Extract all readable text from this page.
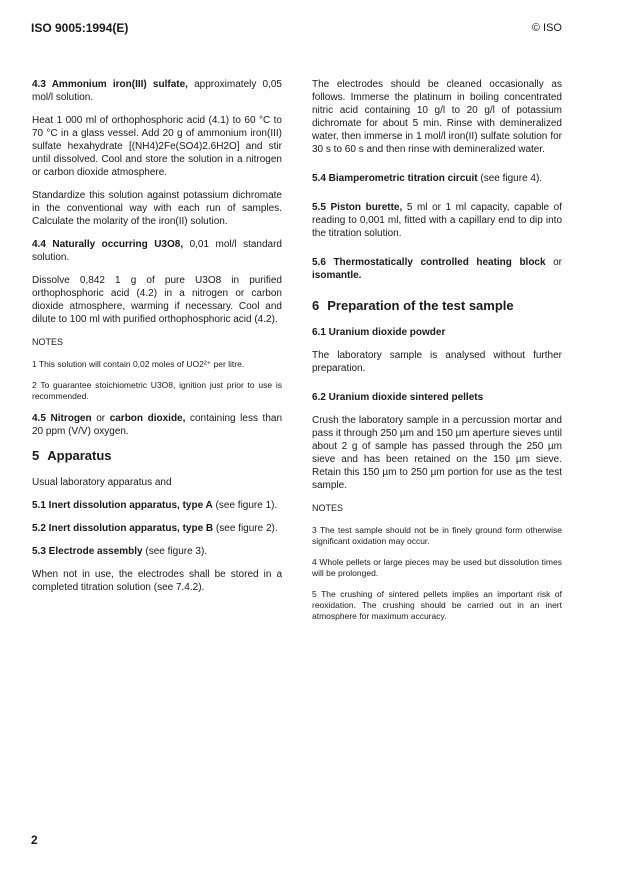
ISO 9005:1994(E)	© ISO

4.3 Ammonium iron(III) sulfate, approximately 0,05 mol/l solution.

Heat 1 000 ml of orthophosphoric acid (4.1) to 60 °C to 70 °C in a glass vessel. Add 20 g of ammonium iron(III) sulfate hexahydrate [(NH4)2Fe(SO4)2.6H2O] and stir until dissolved. Cool and store the solution in a nitrogen or carbon dioxide atmosphere.

Standardize this solution against potassium dichromate in the conventional way with each run of samples. Calculate the molarity of the iron(II) solution.

4.4 Naturally occurring U3O8, 0,01 mol/l standard solution.

Dissolve 0,842 1 g of pure U3O8 in purified orthophosphoric acid (4.2) in a nitrogen or carbon dioxide atmosphere, warming if necessary. Cool and dilute to 100 ml with purified orthophosphoric acid (4.2).

NOTES

1 This solution will contain 0,02 moles of UO2²⁺ per litre.

2 To guarantee stoichiometric U3O8, ignition just prior to use is recommended.

4.5 Nitrogen or carbon dioxide, containing less than 20 ppm (V/V) oxygen.

5 Apparatus

Usual laboratory apparatus and

5.1 Inert dissolution apparatus, type A (see figure 1).

5.2 Inert dissolution apparatus, type B (see figure 2).

5.3 Electrode assembly (see figure 3).

When not in use, the electrodes shall be stored in a completed titration solution (see 7.4.2).

The electrodes should be cleaned occasionally as follows. Immerse the platinum in boiling concentrated nitric acid containing 10 g/l to 20 g/l of potassium dichromate for about 5 min. Rinse with demineralized water, then immerse in 1 mol/l iron(II) sulfate solution for 30 s to 60 s and then rinse with demineralized water.

5.4 Biamperometric titration circuit (see figure 4).

5.5 Piston burette, 5 ml or 1 ml capacity, capable of reading to 0,001 ml, fitted with a capillary end to dip into the titration solution.

5.6 Thermostatically controlled heating block or isomantle.

6 Preparation of the test sample

6.1 Uranium dioxide powder

The laboratory sample is analysed without further preparation.

6.2 Uranium dioxide sintered pellets

Crush the laboratory sample in a percussion mortar and pass it through 250 µm and 150 µm aperture sieves until about 2 g of sample has passed through the 250 µm sieve and has been retained on the 150 µm sieve. Retain this 150 µm to 250 µm portion for use as the test sample.

NOTES

3 The test sample should not be in finely ground form otherwise significant oxidation may occur.

4 Whole pellets or large pieces may be used but dissolution times will be prolonged.

5 The crushing of sintered pellets implies an important risk of reoxidation. The crushing should be carried out in an inert atmosphere for maximum accuracy.

2
